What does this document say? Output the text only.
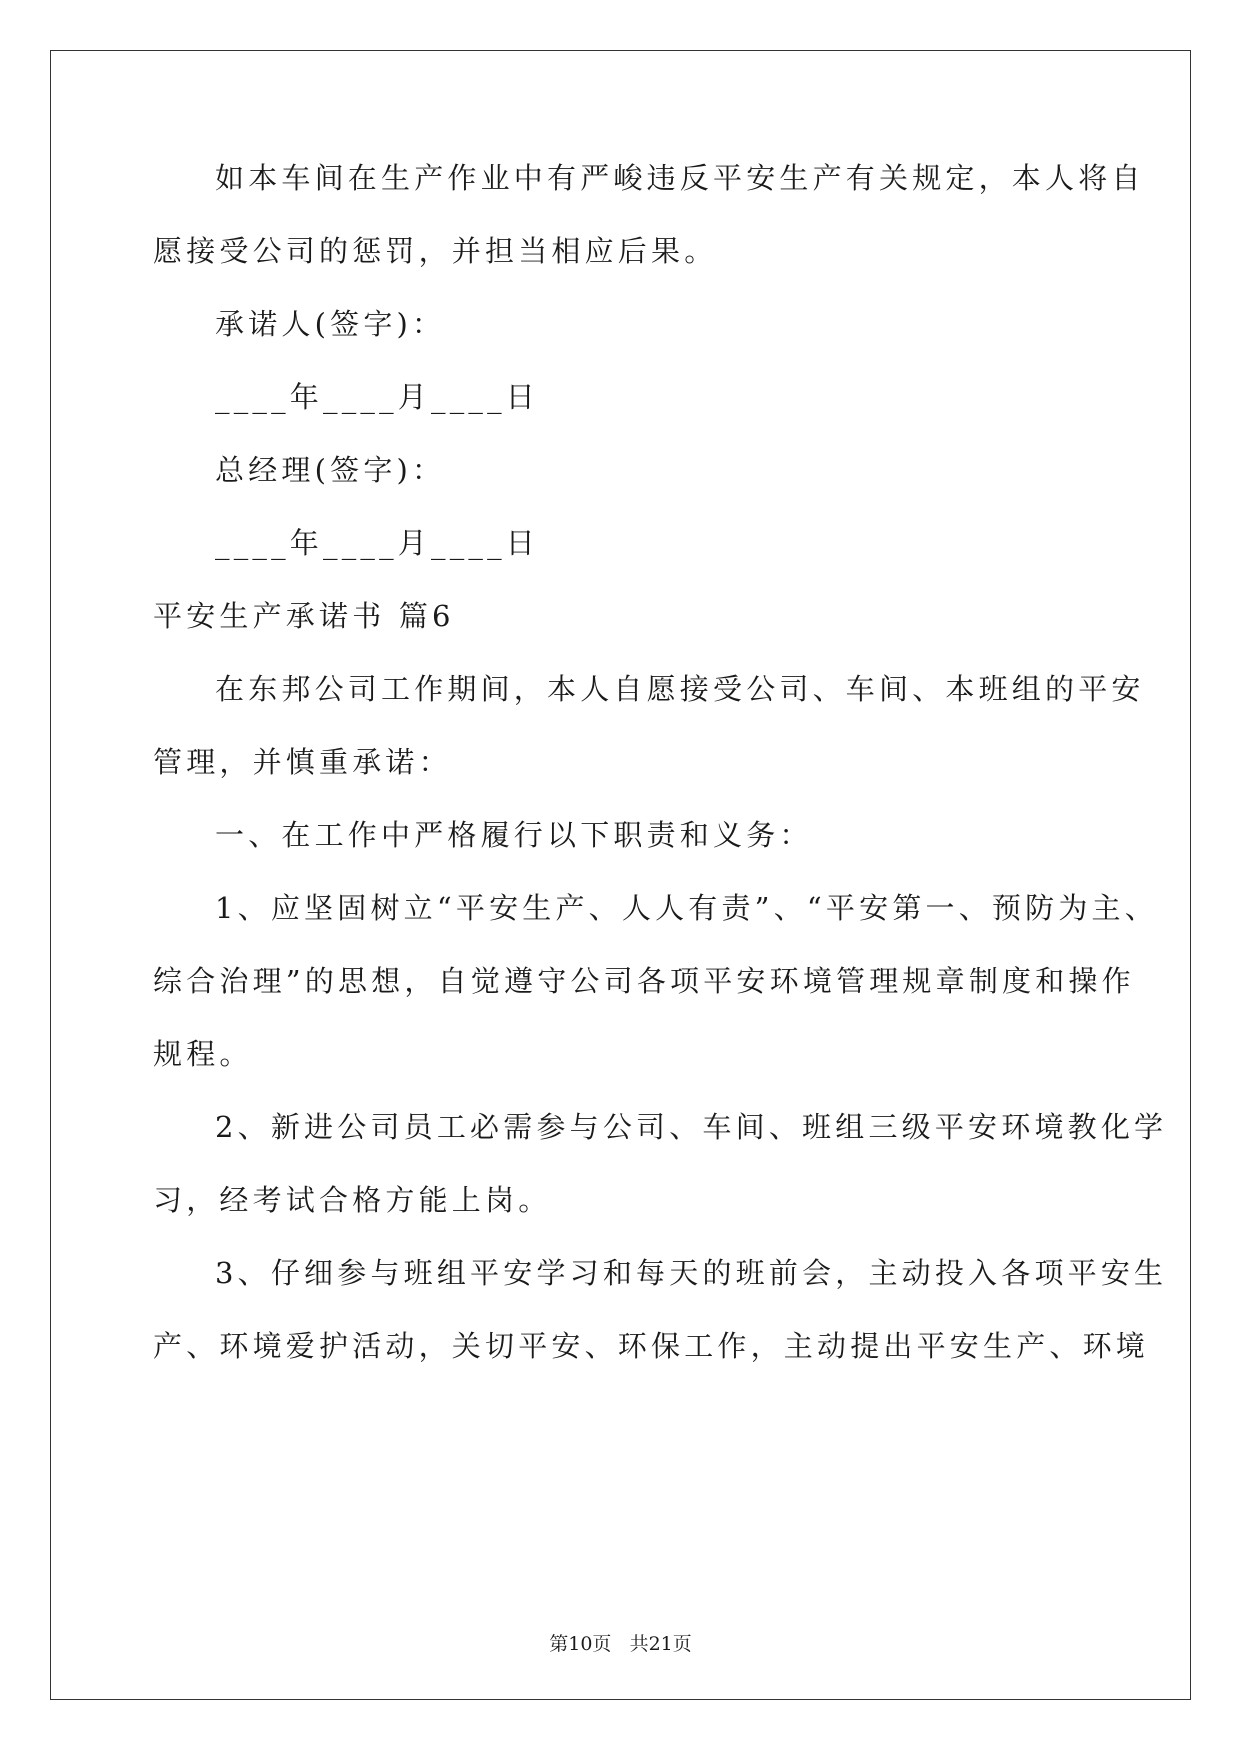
如本车间在生产作业中有严峻违反平安生产有关规定，本人将自
愿接受公司的惩罚，并担当相应后果。
承诺人(签字)：
____年____月____日
总经理(签字)：
____年____月____日
平安生产承诺书 篇6
在东邦公司工作期间，本人自愿接受公司、车间、本班组的平安
管理，并慎重承诺：
一、在工作中严格履行以下职责和义务：
1、应坚固树立“平安生产、人人有责”、“平安第一、预防为主、
综合治理”的思想，自觉遵守公司各项平安环境管理规章制度和操作
规程。
2、新进公司员工必需参与公司、车间、班组三级平安环境教化学
习，经考试合格方能上岗。
3、仔细参与班组平安学习和每天的班前会，主动投入各项平安生
产、环境爱护活动，关切平安、环保工作，主动提出平安生产、环境
第10页 共21页
